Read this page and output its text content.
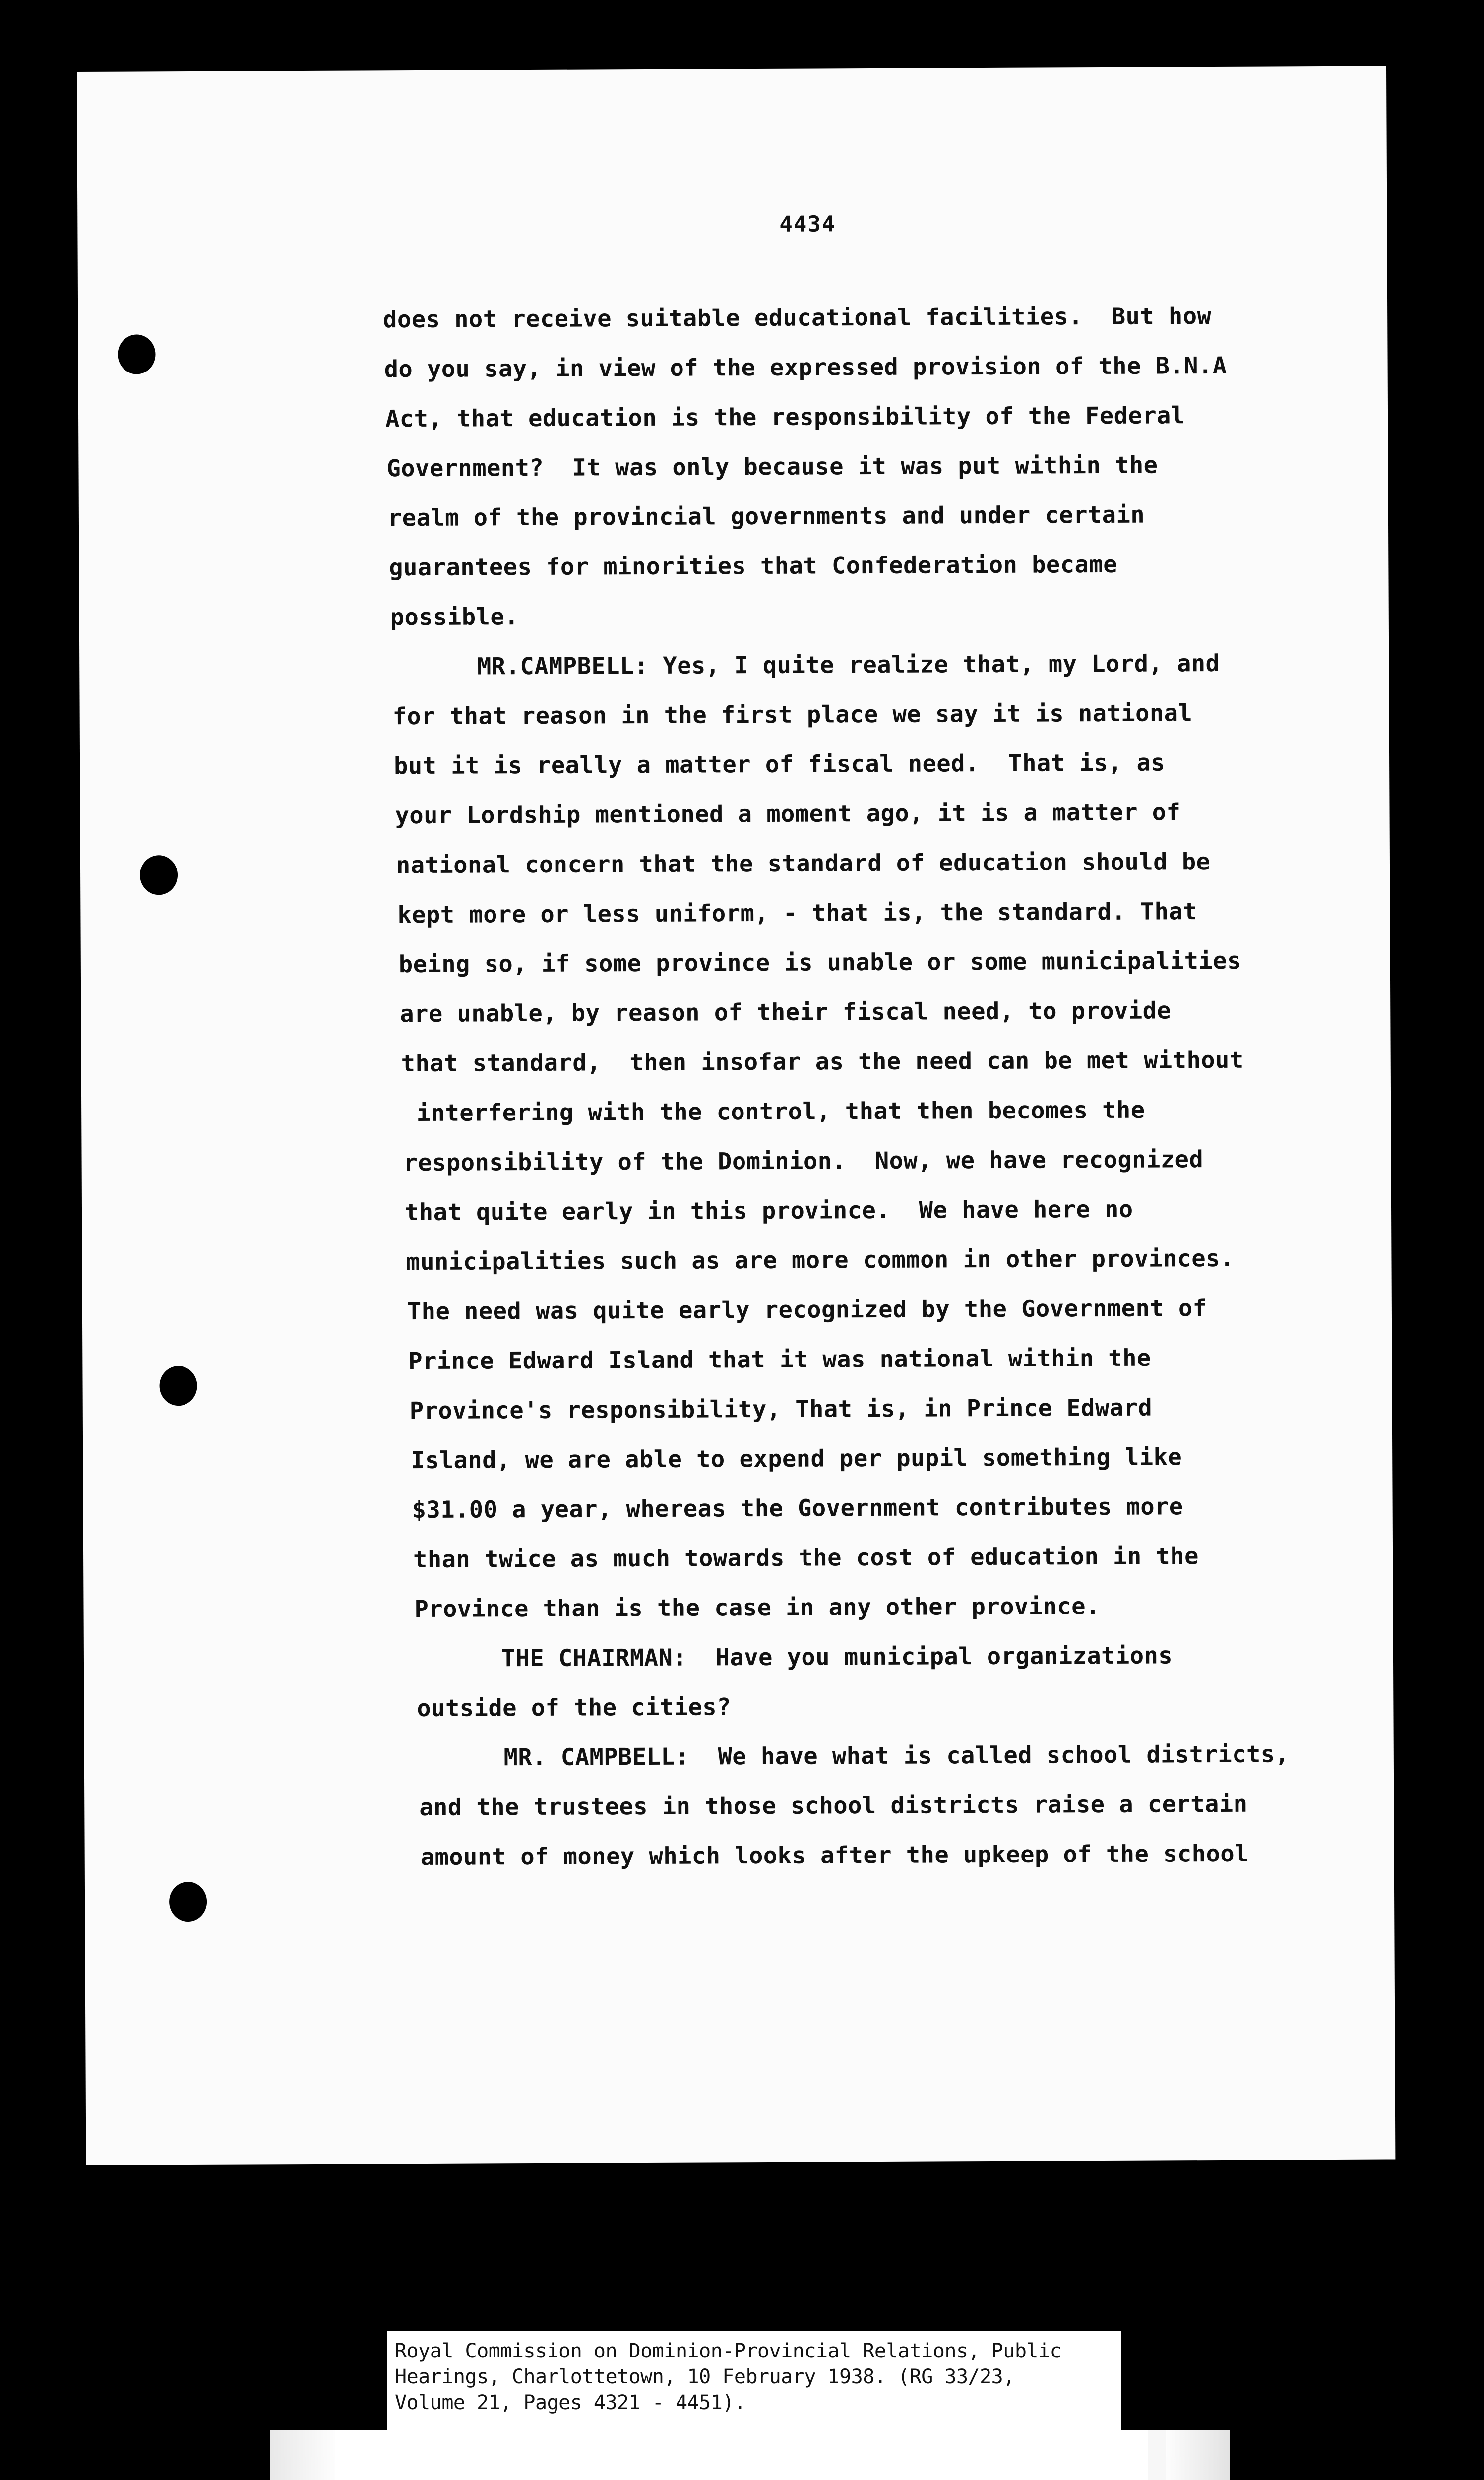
4434
does not receive suitable educational facilities.  But how
do you say, in view of the expressed provision of the B.N.A
Act, that education is the responsibility of the Federal
Government?  It was only because it was put within the
realm of the provincial governments and under certain
guarantees for minorities that Confederation became
possible.
MR.CAMPBELL: Yes, I quite realize that, my Lord, and
for that reason in the first place we say it is national
but it is really a matter of fiscal need.  That is, as
your Lordship mentioned a moment ago, it is a matter of
national concern that the standard of education should be
kept more or less uniform, - that is, the standard. That
being so, if some province is unable or some municipalities
are unable, by reason of their fiscal need, to provide
that standard,  then insofar as the need can be met without
interfering with the control, that then becomes the
responsibility of the Dominion.  Now, we have recognized
that quite early in this province.  We have here no
municipalities such as are more common in other provinces.
The need was quite early recognized by the Government of
Prince Edward Island that it was national within the
Province's responsibility, That is, in Prince Edward
Island, we are able to expend per pupil something like
$31.00 a year, whereas the Government contributes more
than twice as much towards the cost of education in the
Province than is the case in any other province.
THE CHAIRMAN:  Have you municipal organizations
outside of the cities?
MR. CAMPBELL:  We have what is called school districts,
and the trustees in those school districts raise a certain
amount of money which looks after the upkeep of the school
Royal Commission on Dominion-Provincial Relations, Public
Hearings, Charlottetown, 10 February 1938. (RG 33/23,
Volume 21, Pages 4321 - 4451).
